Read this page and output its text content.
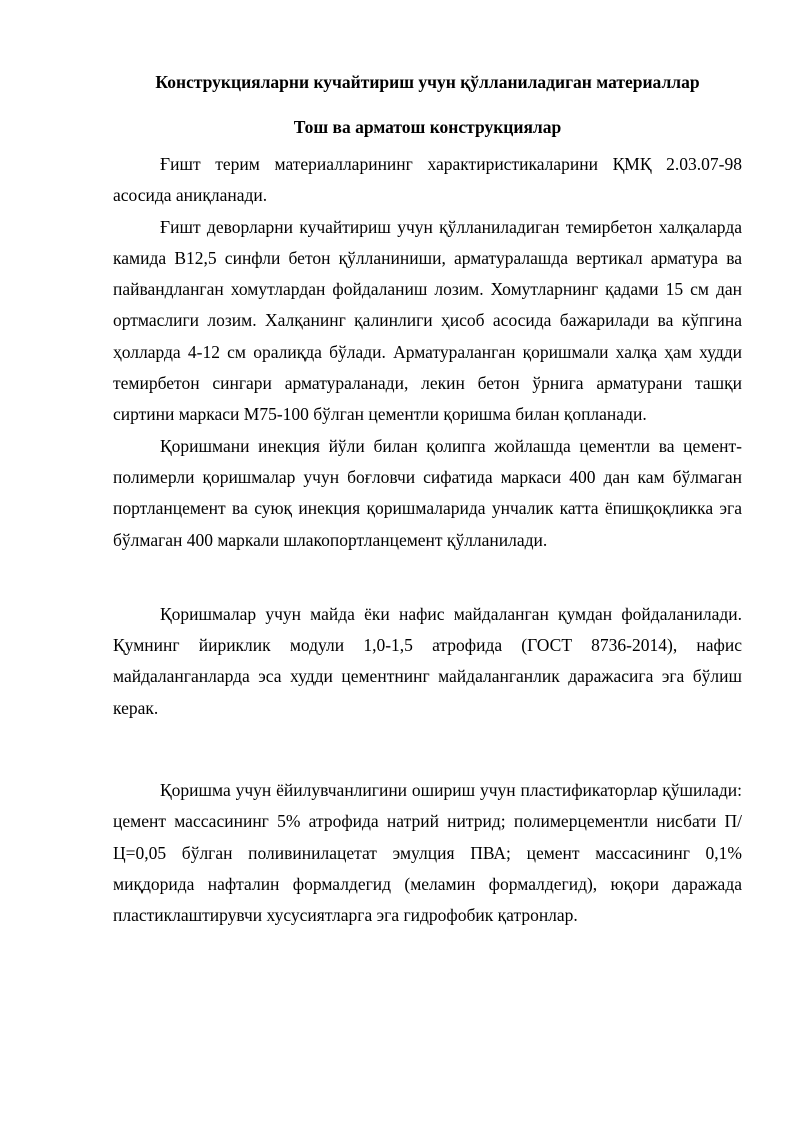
Конструкцияларни кучайтириш учун қўлланиладиган материаллар
Тош ва арматош конструкциялар

Ғишт терим материалларининг характиристикаларини ҚМҚ 2.03.07-98 асосида аниқланади.

Ғишт деворларни кучайтириш учун қўлланиладиган темирбетон халқаларда камида В12,5 синфли бетон қўлланиниши, арматуралашда вертикал арматура ва пайвандланган хомутлардан фойдаланиш лозим. Хомутларнинг қадами 15 см дан ортмаслиги лозим. Халқанинг қалинлиги ҳисоб асосида бажарилади ва кўпгина ҳолларда 4-12 см оралиқда бўлади. Арматураланган қоришмали халқа ҳам худди темирбетон сингари арматураланади, лекин бетон ўрнига арматурани ташқи сиртини маркаси М75-100 бўлган цементли қоришма билан қопланади.

Қоришмани инекция йўли билан қолипга жойлашда цементли ва цемент-полимерли қоришмалар учун боғловчи сифатида маркаси 400 дан кам бўлмаган портланцемент ва суюқ инекция қоришмаларида унчалик катта ёпишқоқликка эга бўлмаган 400 маркали шлакопортланцемент қўлланилади.

Қоришмалар учун майда ёки нафис майдаланган қумдан фойдаланилади. Қумнинг йириклик модули 1,0-1,5 атрофида (ГОСТ 8736-2014), нафис майдаланганларда эса худди цементнинг майдаланганлик даражасига эга бўлиш керак.

Қоришма учун ёйилувчанлигини ошириш учун пластификаторлар қўшилади: цемент массасининг 5% атрофида натрий нитрид; полимерцементли нисбати П/Ц=0,05 бўлган поливинилацетат эмулция ПВА; цемент массасининг 0,1% миқдорида нафталин формалдегид (меламин формалдегид), юқори даражада пластиклаштирувчи хусусиятларга эга гидрофобик қатронлар.
